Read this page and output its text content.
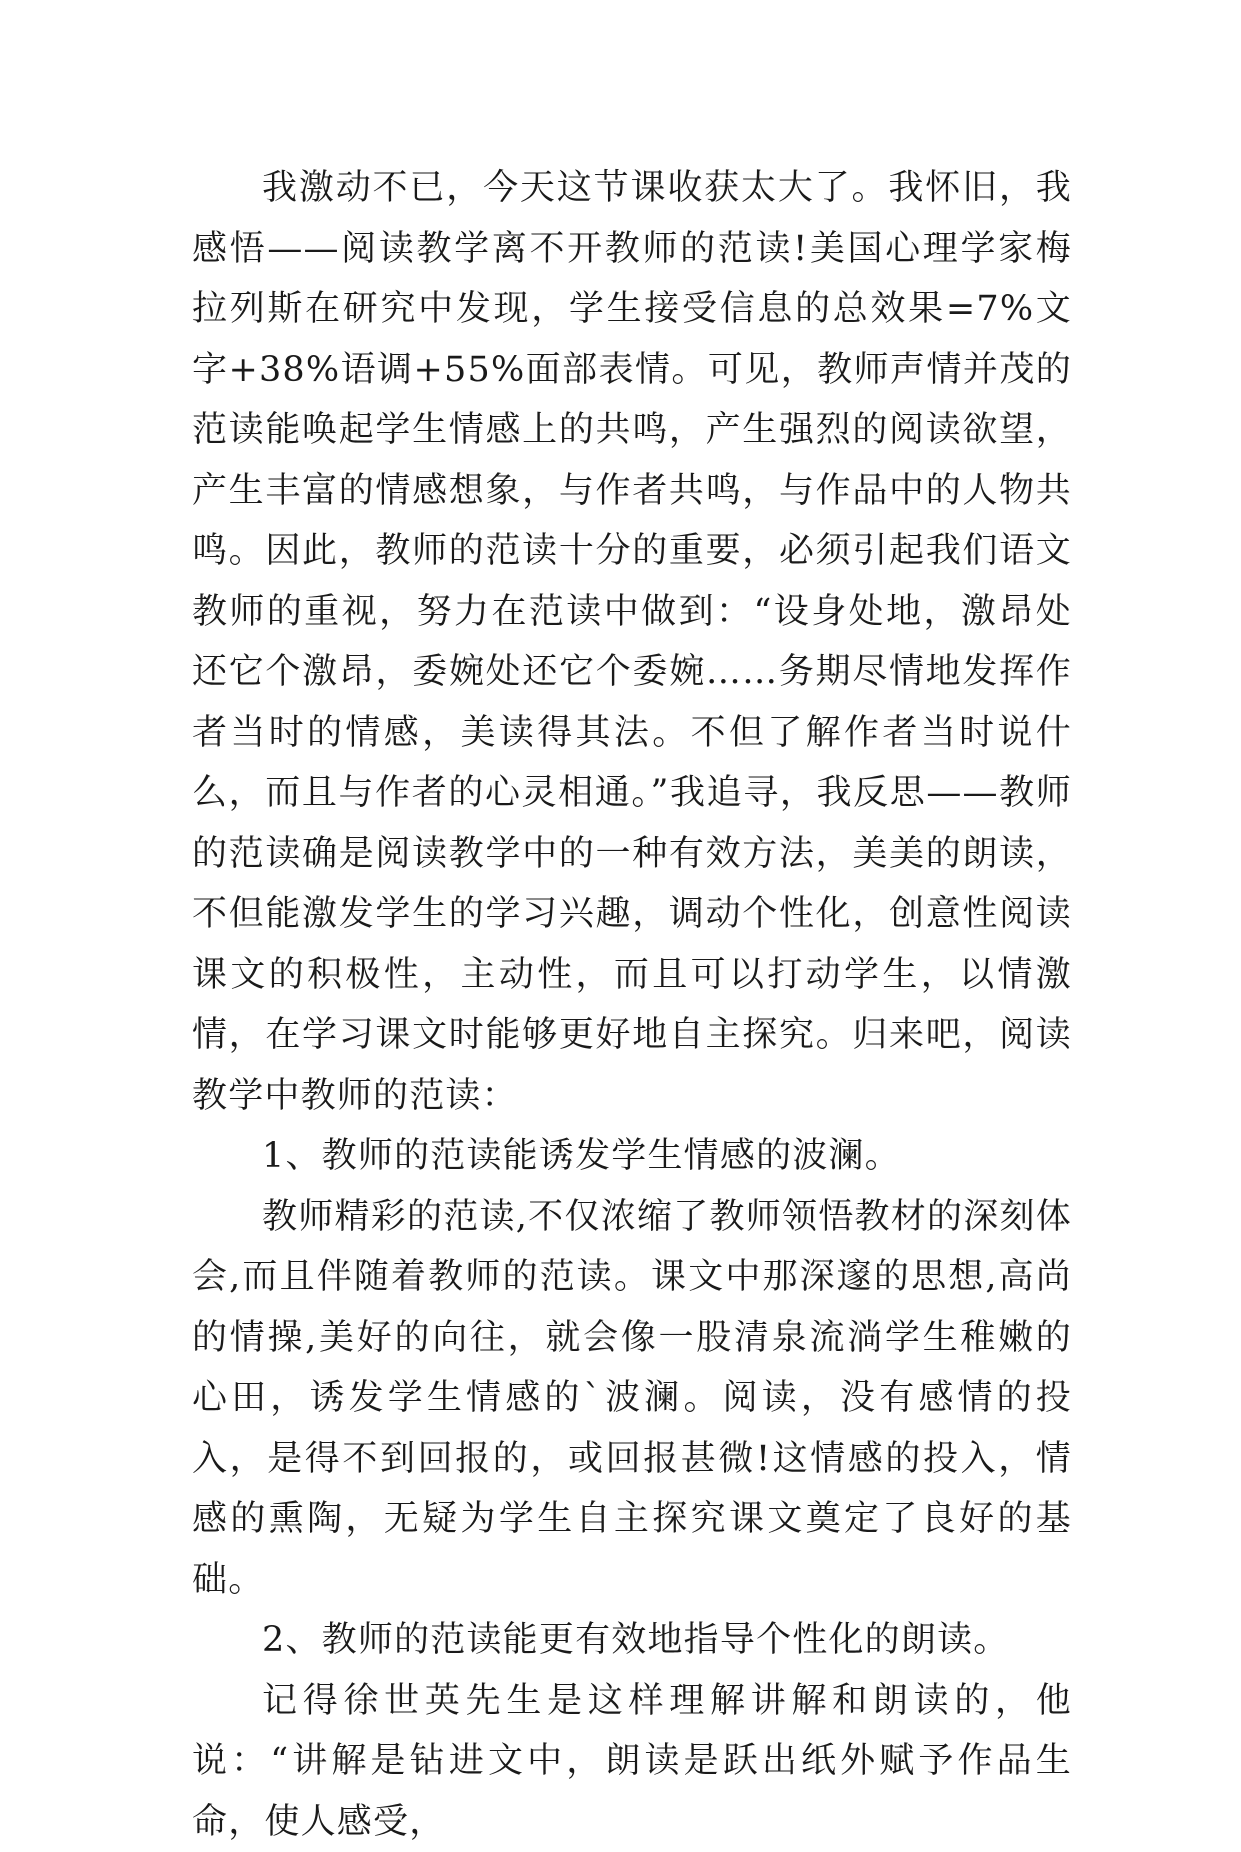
我激动不已，今天这节课收获太大了。我怀旧，我感悟——阅读教学离不开教师的范读!美国心理学家梅拉列斯在研究中发现，学生接受信息的总效果=7%文字+38%语调+55%面部表情。可见，教师声情并茂的范读能唤起学生情感上的共鸣，产生强烈的阅读欲望，产生丰富的情感想象，与作者共鸣，与作品中的人物共鸣。因此，教师的范读十分的重要，必须引起我们语文教师的重视，努力在范读中做到：“设身处地，激昂处还它个激昂，委婉处还它个委婉……务期尽情地发挥作者当时的情感，美读得其法。不但了解作者当时说什么，而且与作者的心灵相通。”我追寻，我反思——教师的范读确是阅读教学中的一种有效方法，美美的朗读，不但能激发学生的学习兴趣，调动个性化，创意性阅读课文的积极性，主动性，而且可以打动学生，以情激情，在学习课文时能够更好地自主探究。归来吧，阅读教学中教师的范读：

1、教师的范读能诱发学生情感的波澜。

教师精彩的范读,不仅浓缩了教师领悟教材的深刻体会,而且伴随着教师的范读。课文中那深邃的思想,高尚的情操,美好的向往，就会像一股清泉流淌学生稚嫩的心田，诱发学生情感的`波澜。阅读，没有感情的投入，是得不到回报的，或回报甚微!这情感的投入，情感的熏陶，无疑为学生自主探究课文奠定了良好的基础。

2、教师的范读能更有效地指导个性化的朗读。

记得徐世英先生是这样理解讲解和朗读的，他说：“讲解是钻进文中，朗读是跃出纸外赋予作品生命，使人感受，
